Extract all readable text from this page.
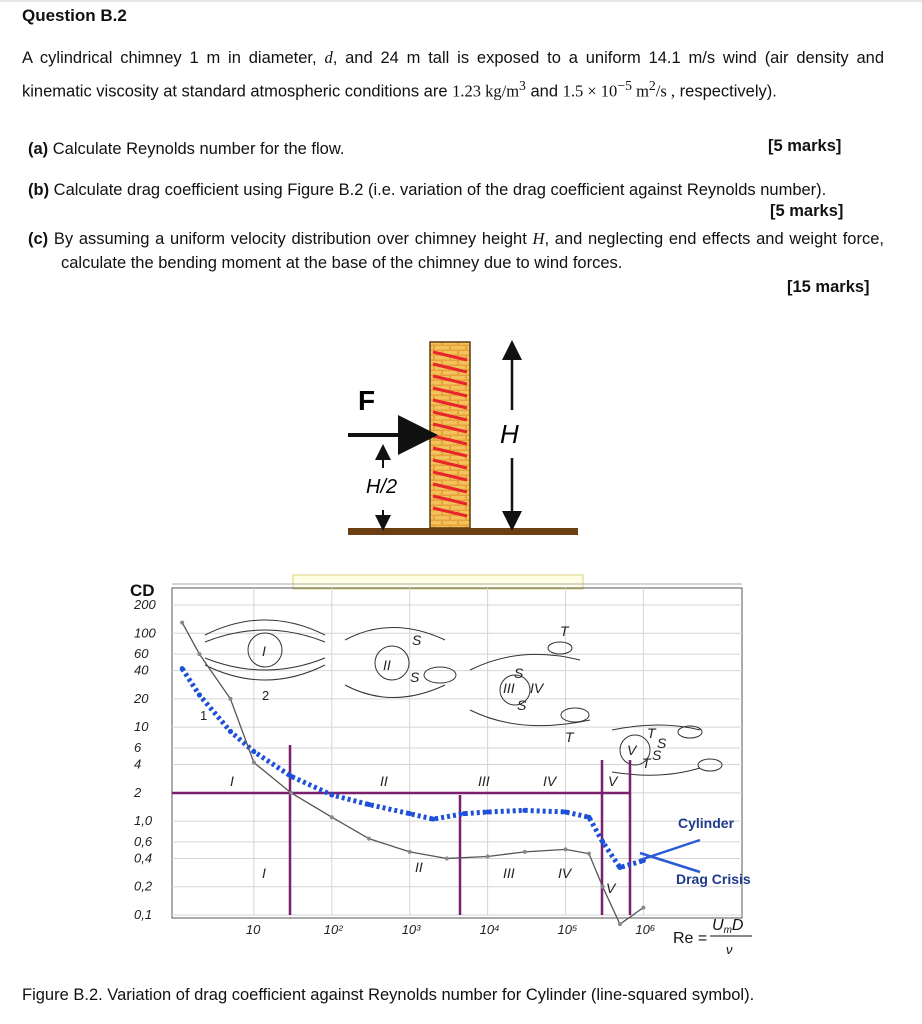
Question B.2
A cylindrical chimney 1 m in diameter, d, and 24 m tall is exposed to a uniform 14.1 m/s wind (air density and kinematic viscosity at standard atmospheric conditions are 1.23 $kg/m^3$ and $1.5 \times 10^{-5}$ $m^2/s$ , respectively).
(a) Calculate Reynolds number for the flow.	[5 marks]
(b) Calculate drag coefficient using Figure B.2 (i.e. variation of the drag coefficient against Reynolds number).
[5 marks]
(c) By assuming a uniform velocity distribution over chimney height H, and neglecting end effects and weight force, calculate the bending moment at the base of the chimney due to wind forces.
[15 marks]
F
H/2
H
I	II	III	IV	V
I	II	III	IV
V
I
II
S
S
III IV
S
S
T
T
V
T
S
T S
1
2
Cylinder
Drag Crisis
CD
200
100
60
40
20
10
6
4
2
1,0
0,6
0,4
0,2
0,1
10	10²	10³	10⁴	10⁵	10⁶
Re =
UmD
ν
Figure B.2. Variation of drag coefficient against Reynolds number for Cylinder (line-squared symbol).
